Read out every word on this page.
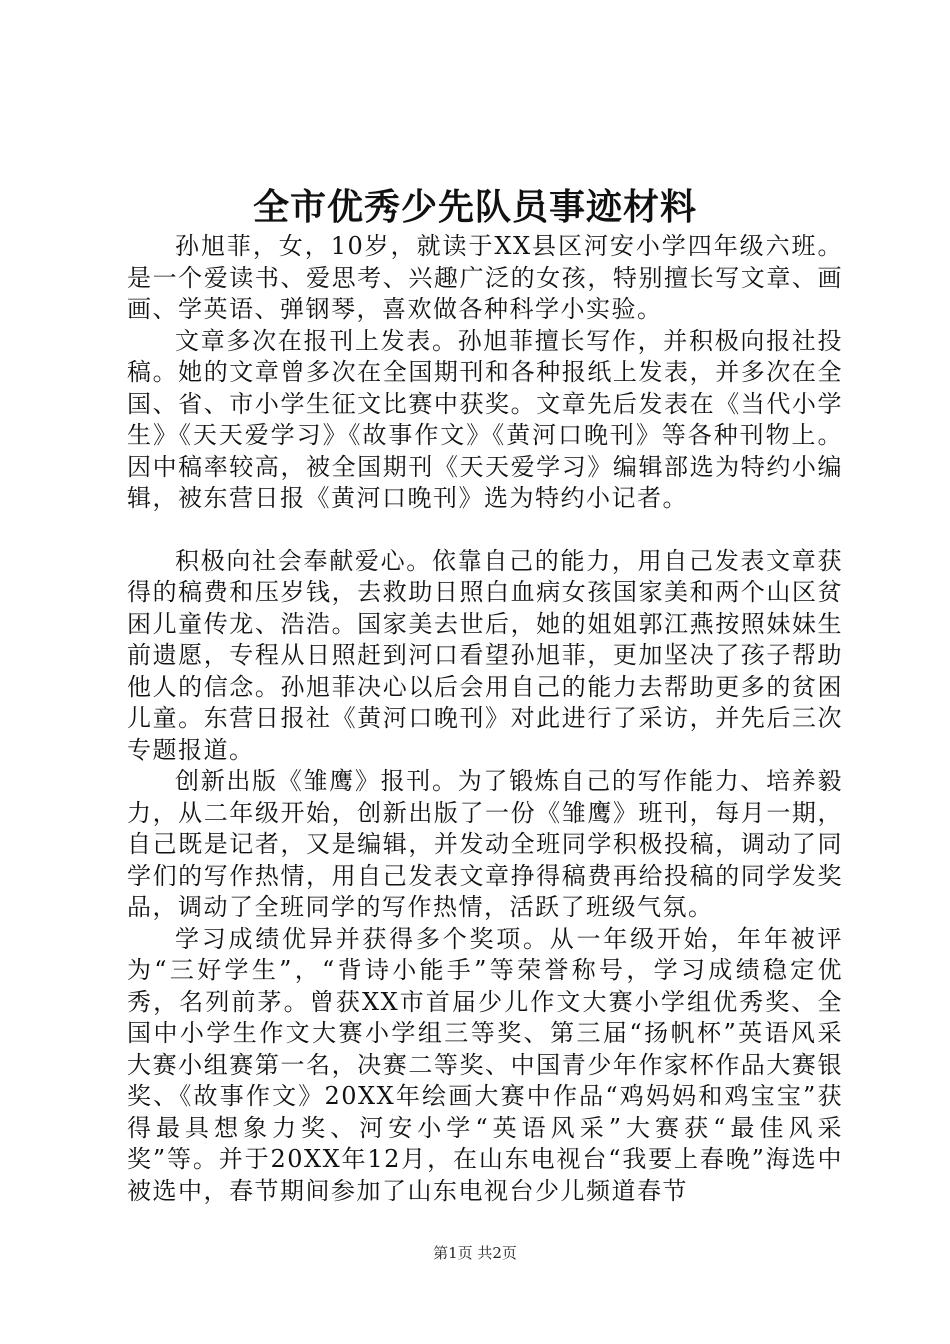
全市优秀少先队员事迹材料

孙旭菲，女，10岁，就读于XX县区河安小学四年级六班。是一个爱读书、爱思考、兴趣广泛的女孩，特别擅长写文章、画画、学英语、弹钢琴，喜欢做各种科学小实验。

文章多次在报刊上发表。孙旭菲擅长写作，并积极向报社投稿。她的文章曾多次在全国期刊和各种报纸上发表，并多次在全国、省、市小学生征文比赛中获奖。文章先后发表在《当代小学生》《天天爱学习》《故事作文》《黄河口晚刊》等各种刊物上。因中稿率较高，被全国期刊《天天爱学习》编辑部选为特约小编辑，被东营日报《黄河口晚刊》选为特约小记者。

积极向社会奉献爱心。依靠自己的能力，用自己发表文章获得的稿费和压岁钱，去救助日照白血病女孩国家美和两个山区贫困儿童传龙、浩浩。国家美去世后，她的姐姐郭江燕按照妹妹生前遗愿，专程从日照赶到河口看望孙旭菲，更加坚决了孩子帮助他人的信念。孙旭菲决心以后会用自己的能力去帮助更多的贫困儿童。东营日报社《黄河口晚刊》对此进行了采访，并先后三次专题报道。

创新出版《雏鹰》报刊。为了锻炼自己的写作能力、培养毅力，从二年级开始，创新出版了一份《雏鹰》班刊，每月一期，自己既是记者，又是编辑，并发动全班同学积极投稿，调动了同学们的写作热情，用自己发表文章挣得稿费再给投稿的同学发奖品，调动了全班同学的写作热情，活跃了班级气氛。

学习成绩优异并获得多个奖项。从一年级开始，年年被评为“三好学生”，“背诗小能手”等荣誉称号，学习成绩稳定优秀，名列前茅。曾获XX市首届少儿作文大赛小学组优秀奖、全国中小学生作文大赛小学组三等奖、第三届“扬帆杯”英语风采大赛小组赛第一名，决赛二等奖、中国青少年作家杯作品大赛银奖、《故事作文》20XX年绘画大赛中作品“鸡妈妈和鸡宝宝”获得最具想象力奖、河安小学“英语风采”大赛获“最佳风采奖”等。并于20XX年12月，在山东电视台“我要上春晚”海选中被选中，春节期间参加了山东电视台少儿频道春节

第1页 共2页
